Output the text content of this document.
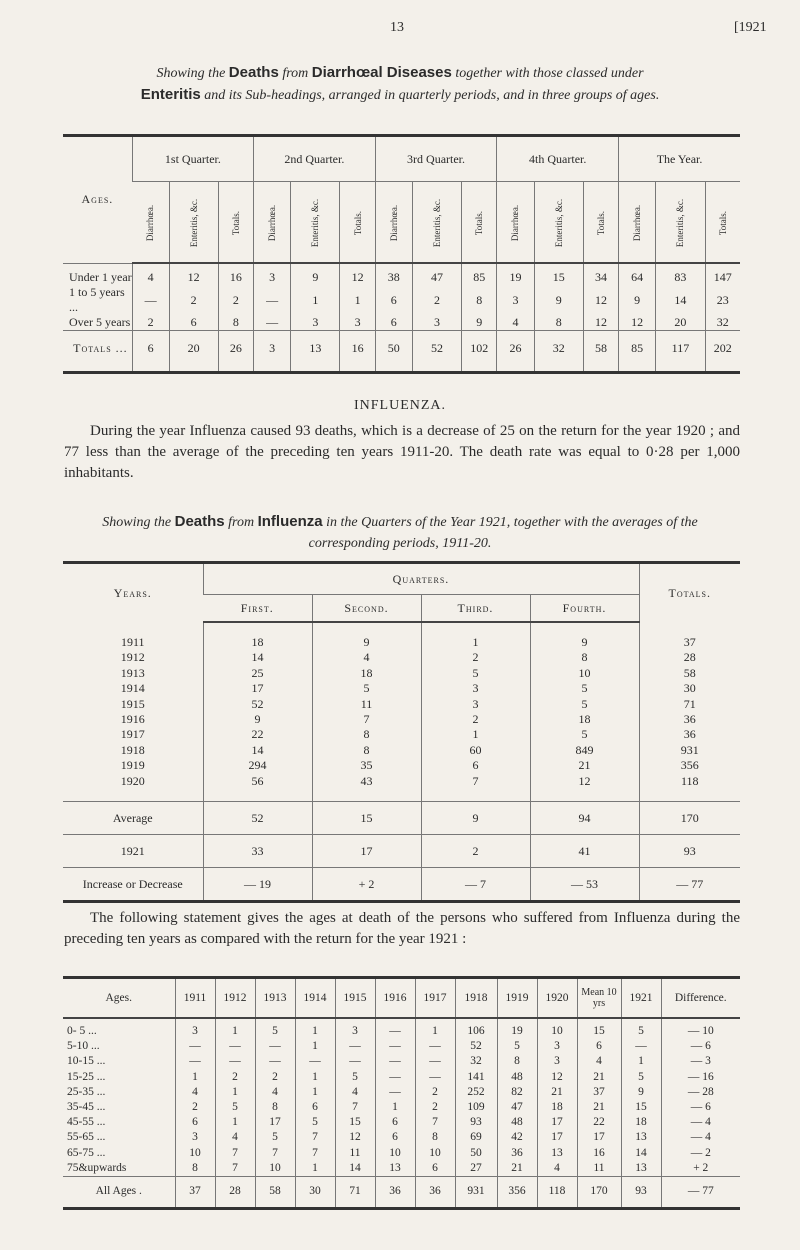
13	[1921
Showing the Deaths from Diarrhœal Diseases together with those classed under
Enteritis and its Sub-headings, arranged in quarterly periods, and in three groups of ages.
Ages.	1st Quarter.			2nd Quarter.			3rd Quarter.			4th Quarter.			The Year.		
	Diarrhœa.	Enteritis, &c.	Totals.	Diarrhœa.	Enteritis, &c.	Totals.	Diarrhœa.	Enteritis, &c.	Totals.	Diarrhœa.	Enteritis, &c.	Totals.	Diarrhœa.	Enteritis, &c.	Totals.
Under 1 year	4	12	16	3	9	12	38	47	85	19	15	34	64	83	147
1 to 5 years ...	—	2	2	—	1	1	6	2	8	3	9	12	9	14	23
Over 5 years	2	6	8	—	3	3	6	3	9	4	8	12	12	20	32
Totals ...	6	20	26	3	13	16	50	52	102	26	32	58	85	117	202
INFLUENZA.
During the year Influenza caused 93 deaths, which is a decrease of 25 on the return for the year 1920 ; and 77 less than the average of the preceding ten years 1911-20. The death rate was equal to 0·28 per 1,000 inhabitants.
Showing the Deaths from Influenza in the Quarters of the Year 1921, together with the averages of the corresponding periods, 1911-20.
Years.	Quarters.				Totals.
	First.	Second.	Third.	Fourth.	
1911	18	9	1	9	37
1912	14	4	2	8	28
1913	25	18	5	10	58
1914	17	5	3	5	30
1915	52	11	3	5	71
1916	9	7	2	18	36
1917	22	8	1	5	36
1918	14	8	60	849	931
1919	294	35	6	21	356
1920	56	43	7	12	118
Average	52	15	9	94	170
1921	33	17	2	41	93
Increase or Decrease	— 19	+ 2	— 7	— 53	— 77
The following statement gives the ages at death of the persons who suffered from Influenza during the preceding ten years as compared with the return for the year 1921 :
Ages.	1911	1912	1913	1914	1915	1916	1917	1918	1919	1920	Mean 10 yrs	1921	Difference.
0- 5 ...	3	1	5	1	3	—	1	106	19	10	15	5	— 10
5-10 ...	—	—	—	1	—	—	—	52	5	3	6	—	— 6
10-15 ...	—	—	—	—	—	—	—	32	8	3	4	1	— 3
15-25 ...	1	2	2	1	5	—	—	141	48	12	21	5	— 16
25-35 ...	4	1	4	1	4	—	2	252	82	21	37	9	— 28
35-45 ...	2	5	8	6	7	1	2	109	47	18	21	15	— 6
45-55 ...	6	1	17	5	15	6	7	93	48	17	22	18	— 4
55-65 ...	3	4	5	7	12	6	8	69	42	17	17	13	— 4
65-75 ...	10	7	7	7	11	10	10	50	36	13	16	14	— 2
75&upwards	8	7	10	1	14	13	6	27	21	4	11	13	+ 2
All Ages .	37	28	58	30	71	36	36	931	356	118	170	93	— 77
